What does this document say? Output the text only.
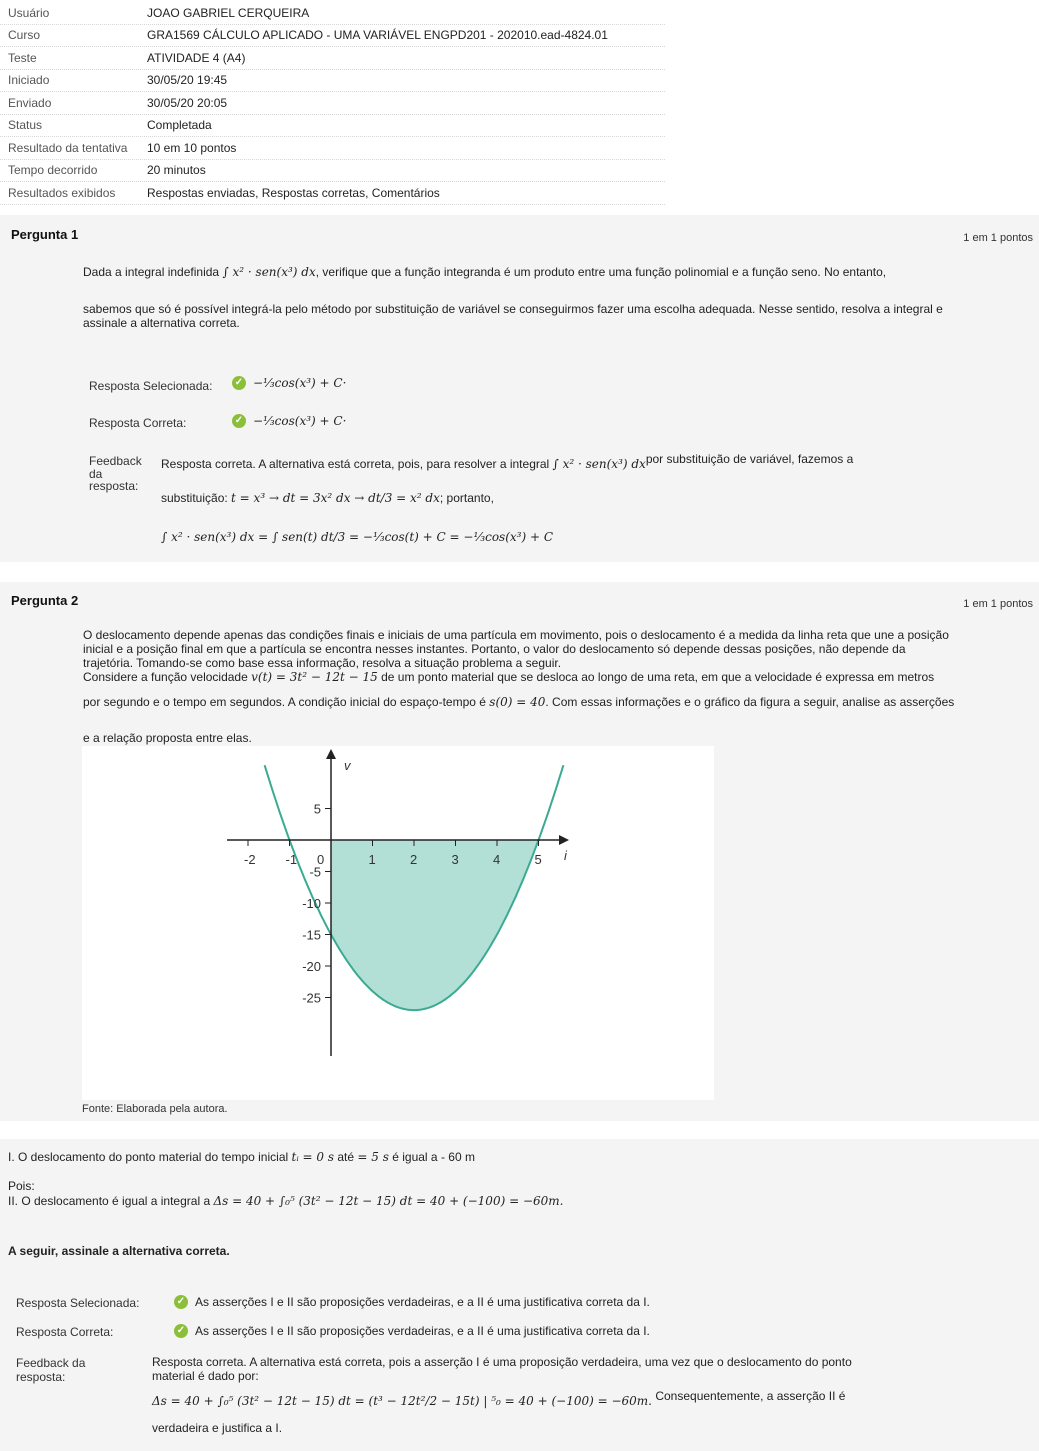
Usuário	JOAO GABRIEL CERQUEIRA
Curso	GRA1569 CÁLCULO APLICADO - UMA VARIÁVEL ENGPD201 - 202010.ead-4824.01
Teste	ATIVIDADE 4 (A4)
Iniciado	30/05/20 19:45
Enviado	30/05/20 20:05
Status	Completada
Resultado da tentativa	10 em 10 pontos
Tempo decorrido	20 minutos
Resultados exibidos	Respostas enviadas, Respostas corretas, Comentários
Pergunta 1	1 em 1 pontos
Dada a integral indefinida ∫ x² · sen(x³) dx, verifique que a função integranda é um produto entre uma função polinomial e a função seno. No entanto,
sabemos que só é possível integrá-la pelo método por substituição de variável se conseguirmos fazer uma escolha adequada. Nesse sentido, resolva a integral e
assinale a alternativa correta.
Resposta Selecionada: ✓ −⅓cos(x³) + C·
Resposta Correta:	✓ −⅓cos(x³) + C·
Feedback
da
resposta:
Resposta correta. A alternativa está correta, pois, para resolver a integral ∫ x² · sen(x³) dxpor substituição de variável, fazemos a
substituição: t = x³ → dt = 3x² dx → dt/3 = x² dx; portanto,
∫ x² · sen(x³) dx = ∫ sen(t) dt/3 = −⅓cos(t) + C = −⅓cos(x³) + C
Pergunta 2	1 em 1 pontos
O deslocamento depende apenas das condições finais e iniciais de uma partícula em movimento, pois o deslocamento é a medida da linha reta que une a posição
inicial e a posição final em que a partícula se encontra nesses instantes. Portanto, o valor do deslocamento só depende dessas posições, não depende da
trajetória. Tomando-se como base essa informação, resolva a situação problema a seguir.
Considere a função velocidade v(t) = 3t² − 12t − 15 de um ponto material que se desloca ao longo de uma reta, em que a velocidade é expressa em metros
por segundo e o tempo em segundos. A condição inicial do espaço-tempo é s(0) = 40. Com essas informações e o gráfico da figura a seguir, analise as asserções
e a relação proposta entre elas.
-2 -1 0	1	2	3	4	5
5
-5
-10
-15
-20
-25
i
v
Fonte: Elaborada pela autora.
I. O deslocamento do ponto material do tempo inicial tᵢ = 0 s até = 5 s é igual a - 60 m
Pois:
II. O deslocamento é igual a integral a Δs = 40 + ∫₀⁵ (3t² − 12t − 15) dt = 40 + (−100) = −60m.
A seguir, assinale a alternativa correta.
Resposta Selecionada:	✓ As asserções I e II são proposições verdadeiras, e a II é uma justificativa correta da I.
Resposta Correta:	✓ As asserções I e II são proposições verdadeiras, e a II é uma justificativa correta da I.
Feedback da
resposta:
Resposta correta. A alternativa está correta, pois a asserção I é uma proposição verdadeira, uma vez que o deslocamento do ponto
material é dado por:
Δs = 40 + ∫₀⁵ (3t² − 12t − 15) dt = (t³ − 12t²/2 − 15t) | ⁵₀ = 40 + (−100) = −60m. Consequentemente, a asserção II é
verdadeira e justifica a I.
